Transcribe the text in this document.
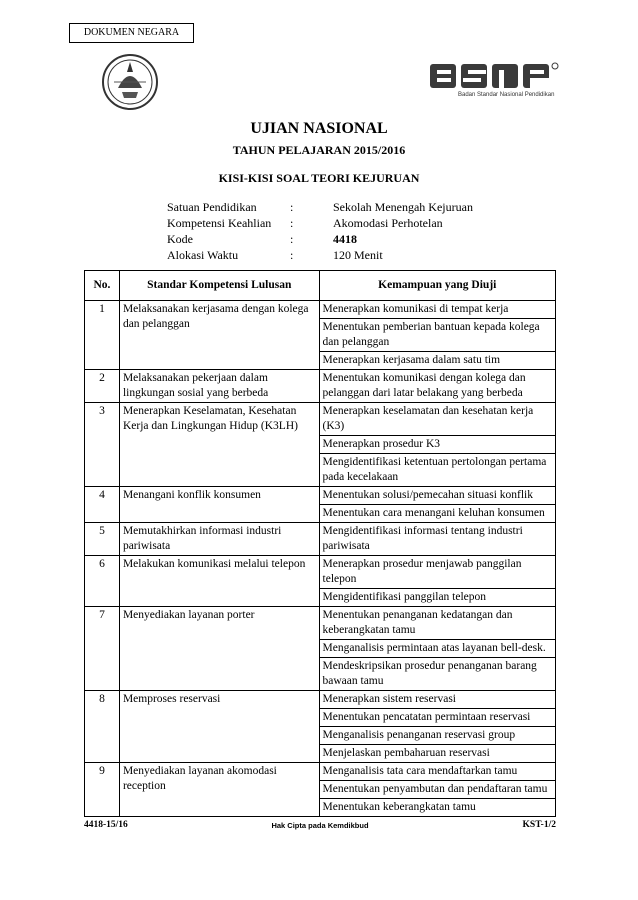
DOKUMEN NEGARA
Badan Standar Nasional Pendidikan
UJIAN NASIONAL
TAHUN PELAJARAN 2015/2016
KISI-KISI SOAL TEORI KEJURUAN
Satuan Pendidikan	:	Sekolah Menengah Kejuruan
Kompetensi Keahlian :	Akomodasi Perhotelan
Kode	:	4418
Alokasi Waktu	:	120 Menit
No.	Standar Kompetensi Lulusan	Kemampuan yang Diuji
1	Melaksanakan kerjasama dengan kolega dan pelanggan	Menerapkan komunikasi di tempat kerja
		Menentukan pemberian bantuan kepada kolega dan pelanggan
		Menerapkan kerjasama dalam satu tim
2	Melaksanakan pekerjaan dalam lingkungan sosial yang berbeda	Menentukan komunikasi dengan kolega dan pelanggan dari latar belakang yang berbeda
3	Menerapkan Keselamatan, Kesehatan Kerja dan Lingkungan Hidup (K3LH)	Menerapkan keselamatan dan kesehatan kerja (K3)
		Menerapkan prosedur K3
		Mengidentifikasi ketentuan pertolongan pertama pada kecelakaan
4	Menangani konflik konsumen	Menentukan solusi/pemecahan situasi konflik
		Menentukan cara menangani keluhan konsumen
5	Memutakhirkan informasi industri pariwisata	Mengidentifikasi informasi tentang industri pariwisata
6	Melakukan komunikasi melalui telepon	Menerapkan prosedur menjawab panggilan telepon
		Mengidentifikasi panggilan telepon
7	Menyediakan layanan porter	Menentukan penanganan kedatangan dan keberangkatan tamu
		Menganalisis permintaan atas layanan bell-desk.
		Mendeskripsikan prosedur penanganan barang bawaan tamu
8	Memproses reservasi	Menerapkan sistem reservasi
		Menentukan pencatatan permintaan reservasi
		Menganalisis penanganan reservasi group
		Menjelaskan pembaharuan reservasi
9	Menyediakan layanan akomodasi reception	Menganalisis tata cara mendaftarkan tamu
		Menentukan penyambutan dan pendaftaran tamu
		Menentukan keberangkatan tamu
4418-15/16	Hak Cipta pada Kemdikbud	KST-1/2
